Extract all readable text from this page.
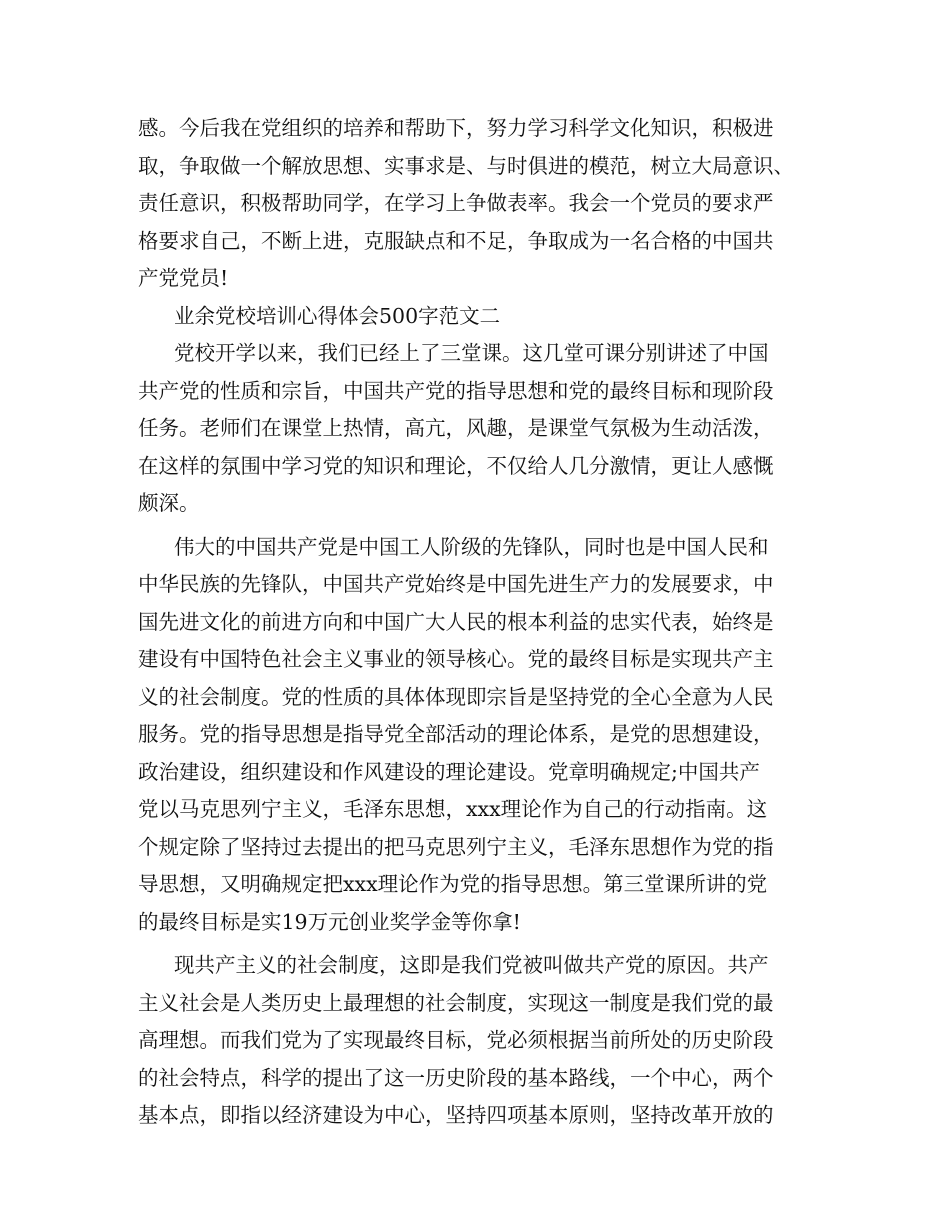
感。今后我在党组织的培养和帮助下，努力学习科学文化知识，积极进
取，争取做一个解放思想、实事求是、与时俱进的模范，树立大局意识、
责任意识，积极帮助同学，在学习上争做表率。我会一个党员的要求严
格要求自己，不断上进，克服缺点和不足，争取成为一名合格的中国共
产党党员!
业余党校培训心得体会500字范文二
党校开学以来，我们已经上了三堂课。这几堂可课分别讲述了中国
共产党的性质和宗旨，中国共产党的指导思想和党的最终目标和现阶段
任务。老师们在课堂上热情，高亢，风趣，是课堂气氛极为生动活泼，
在这样的氛围中学习党的知识和理论，不仅给人几分激情，更让人感慨
颇深。
伟大的中国共产党是中国工人阶级的先锋队，同时也是中国人民和
中华民族的先锋队，中国共产党始终是中国先进生产力的发展要求，中
国先进文化的前进方向和中国广大人民的根本利益的忠实代表，始终是
建设有中国特色社会主义事业的领导核心。党的最终目标是实现共产主
义的社会制度。党的性质的具体体现即宗旨是坚持党的全心全意为人民
服务。党的指导思想是指导党全部活动的理论体系，是党的思想建设，
政治建设，组织建设和作风建设的理论建设。党章明确规定;中国共产
党以马克思列宁主义，毛泽东思想，xxx理论作为自己的行动指南。这
个规定除了坚持过去提出的把马克思列宁主义，毛泽东思想作为党的指
导思想，又明确规定把xxx理论作为党的指导思想。第三堂课所讲的党
的最终目标是实19万元创业奖学金等你拿!
现共产主义的社会制度，这即是我们党被叫做共产党的原因。共产
主义社会是人类历史上最理想的社会制度，实现这一制度是我们党的最
高理想。而我们党为了实现最终目标，党必须根据当前所处的历史阶段
的社会特点，科学的提出了这一历史阶段的基本路线，一个中心，两个
基本点，即指以经济建设为中心，坚持四项基本原则，坚持改革开放的
